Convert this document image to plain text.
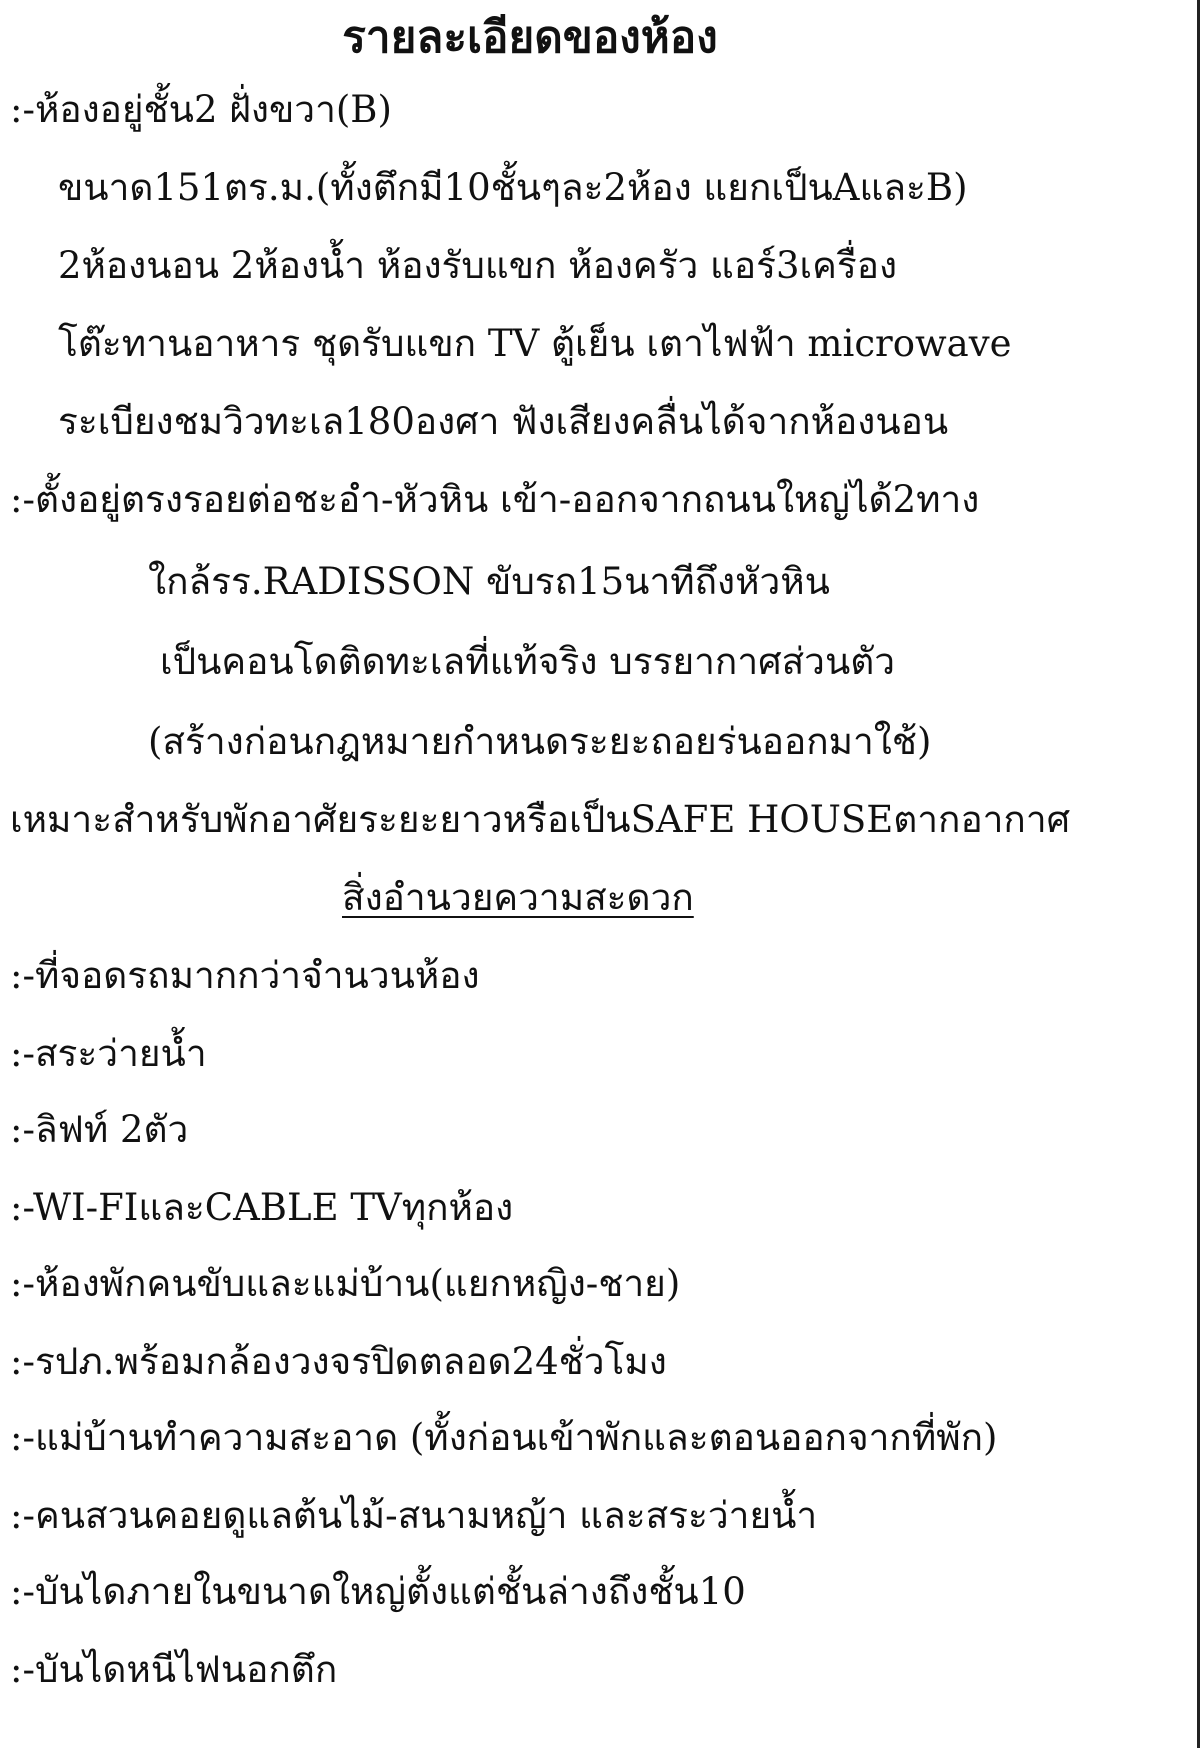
รายละเอียดของห้อง
:-ห้องอยู่ชั้น2 ฝั่งขวา(B)
ขนาด151ตร.ม.(ทั้งตึกมี10ชั้นๆละ2ห้อง แยกเป็นAและB)
2ห้องนอน 2ห้องน้ำ ห้องรับแขก ห้องครัว แอร์3เครื่อง
โต๊ะทานอาหาร ชุดรับแขก TV ตู้เย็น เตาไฟฟ้า microwave
ระเบียงชมวิวทะเล180องศา ฟังเสียงคลื่นได้จากห้องนอน
:-ตั้งอยู่ตรงรอยต่อชะอำ-หัวหิน เข้า-ออกจากถนนใหญ่ได้2ทาง
ใกล้รร.RADISSON ขับรถ15นาทีถึงหัวหิน
เป็นคอนโดติดทะเลที่แท้จริง บรรยากาศส่วนตัว
(สร้างก่อนกฎหมายกำหนดระยะถอยร่นออกมาใช้)
เหมาะสำหรับพักอาศัยระยะยาวหรือเป็นSAFE HOUSEตากอากาศ
สิ่งอำนวยความสะดวก
:-ที่จอดรถมากกว่าจำนวนห้อง
:-สระว่ายน้ำ
:-ลิฟท์ 2ตัว
:-WI-FIและCABLE TVทุกห้อง
:-ห้องพักคนขับและแม่บ้าน(แยกหญิง-ชาย)
:-รปภ.พร้อมกล้องวงจรปิดตลอด24ชั่วโมง
:-แม่บ้านทำความสะอาด (ทั้งก่อนเข้าพักและตอนออกจากที่พัก)
:-คนสวนคอยดูแลต้นไม้-สนามหญ้า และสระว่ายน้ำ
:-บันไดภายในขนาดใหญ่ตั้งแต่ชั้นล่างถึงชั้น10
:-บันไดหนีไฟนอกตึก
